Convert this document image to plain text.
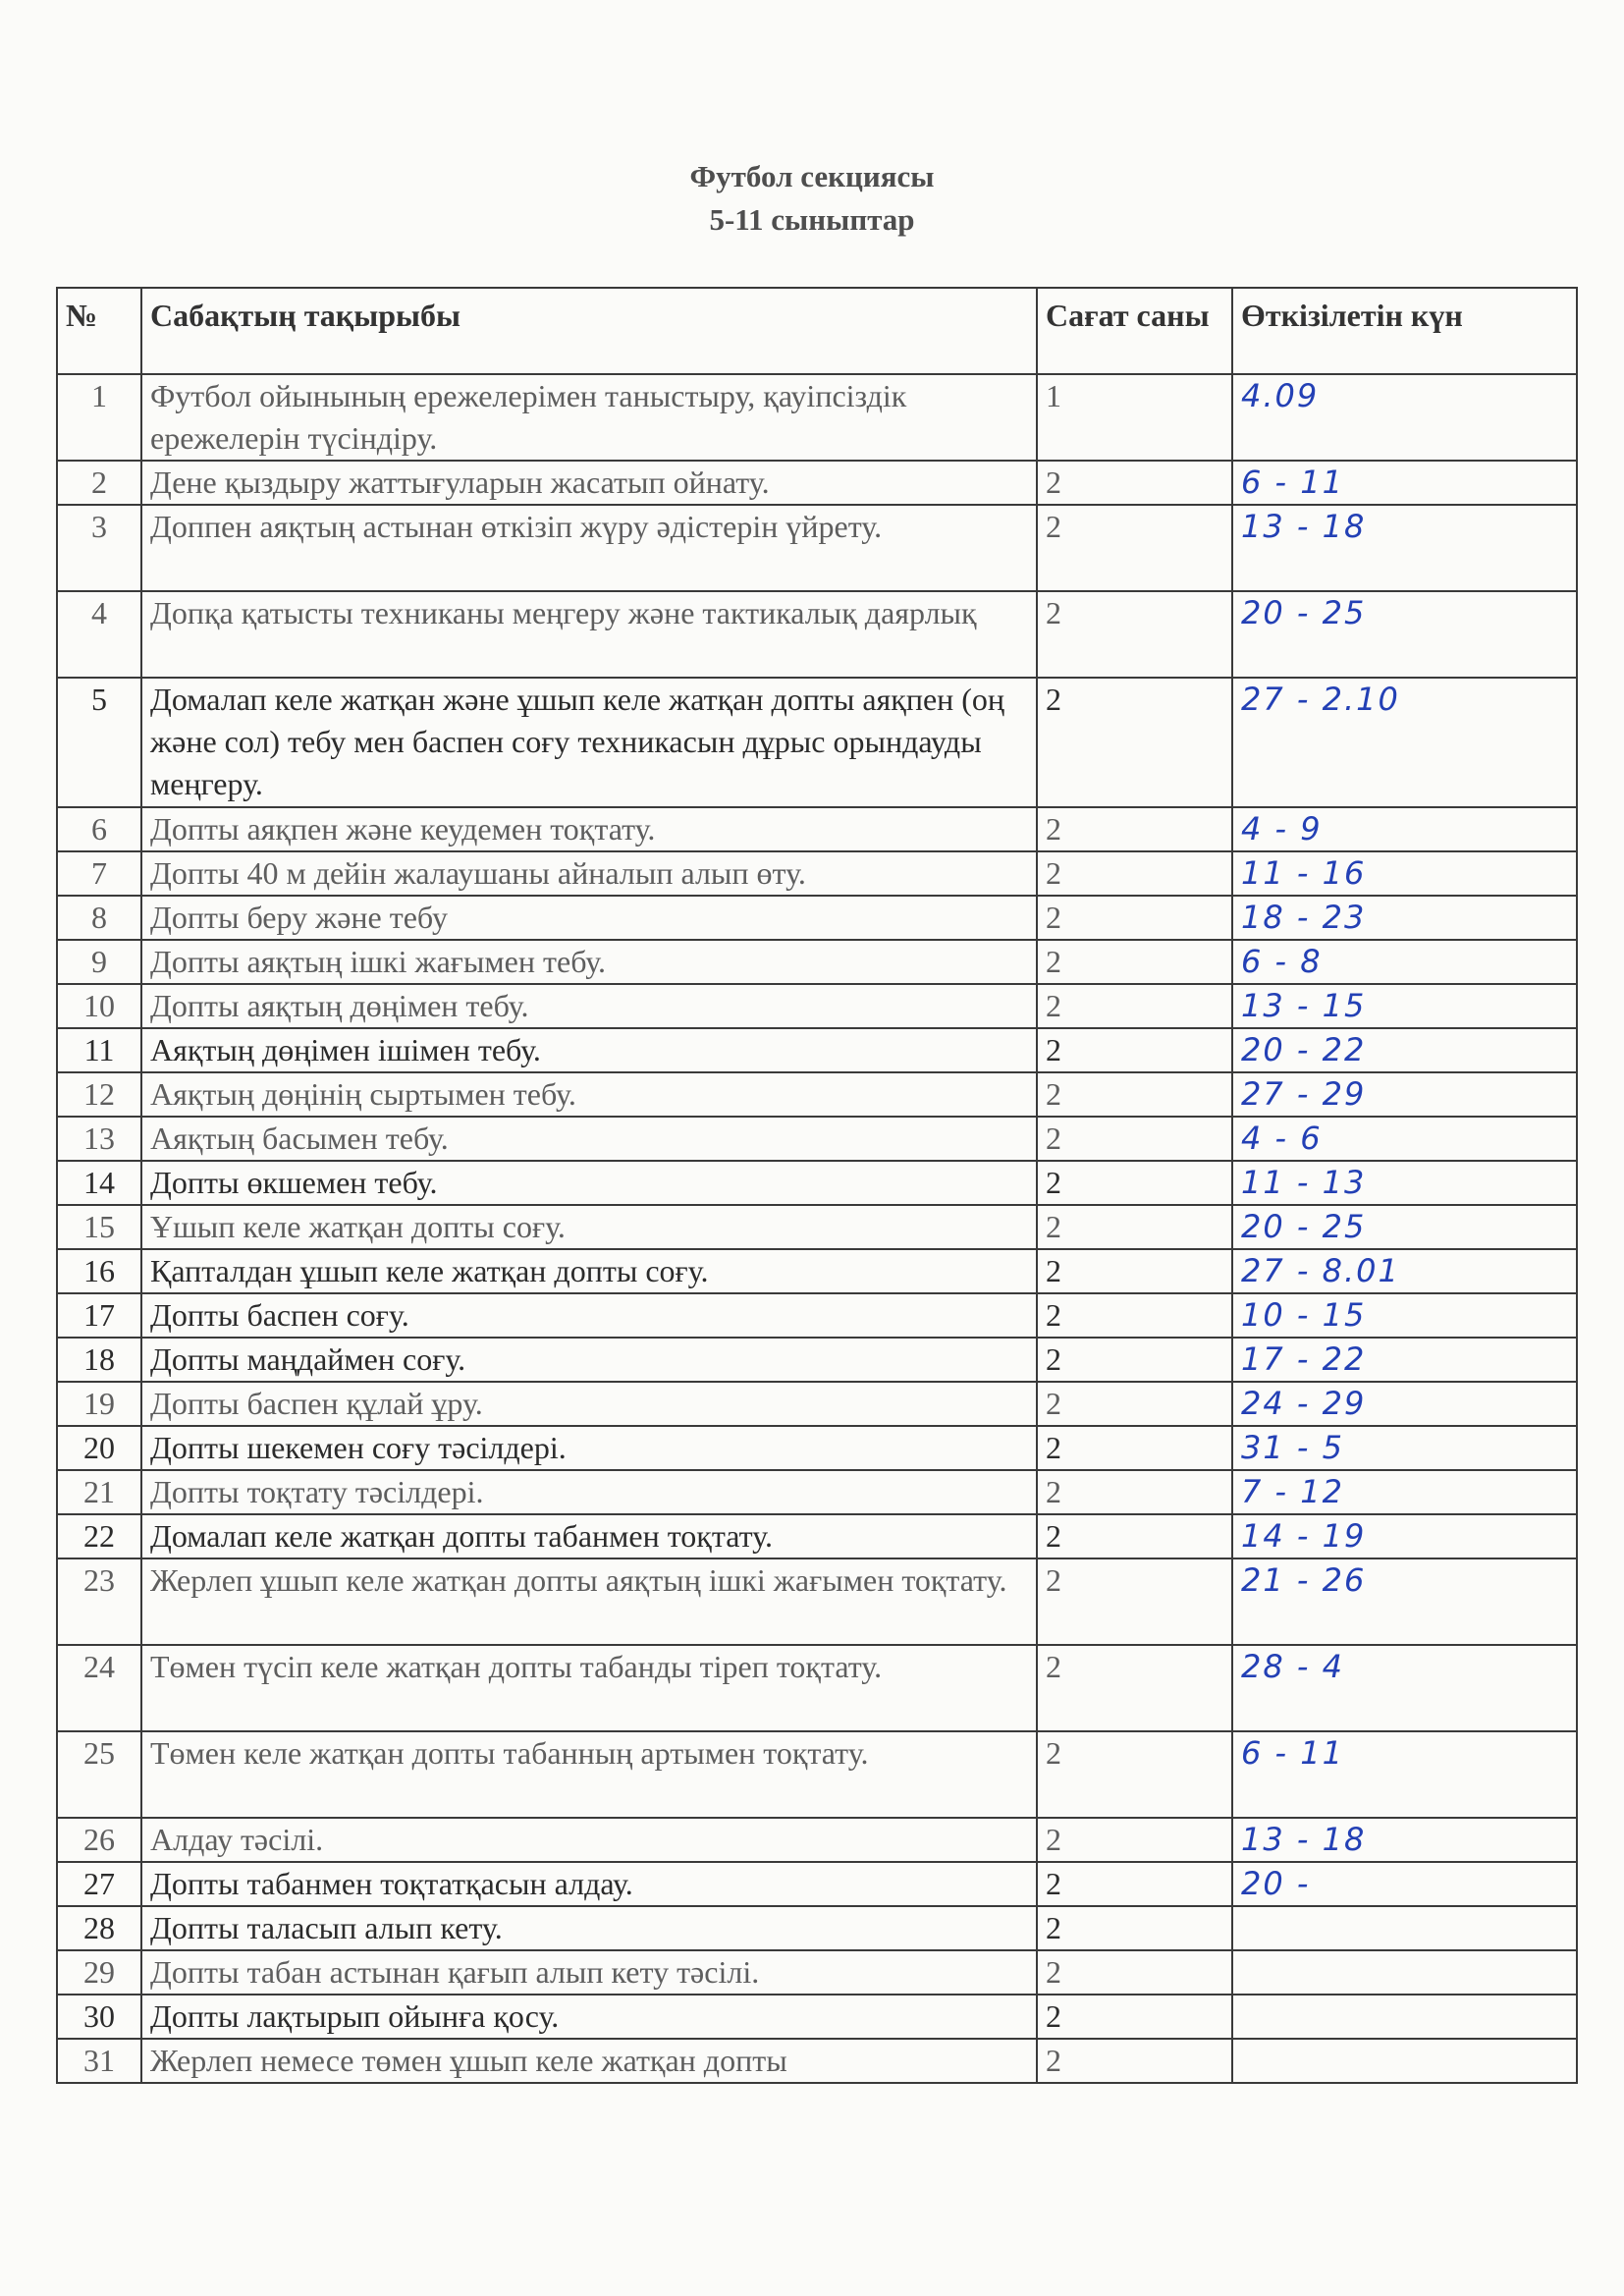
Футбол секциясы
5-11 сыныптар
№	Сабақтың тақырыбы	Сағат саны	Өткізілетін күн
1	Футбол ойынының ережелерімен таныстыру, қауіпсіздік ережелерін түсіндіру.	1	4.09
2	Дене қыздыру жаттығуларын жасатып ойнату.	2	6 - 11
3	Доппен аяқтың астынан өткізіп жүру әдістерін үйрету.	2	13 - 18
4	Допқа қатысты техниканы меңгеру және тактикалық даярлық	2	20 - 25
5	Домалап келе жатқан және ұшып келе жатқан допты аяқпен (оң және сол) тебу мен баспен соғу техникасын дұрыс орындауды меңгеру.	2	27 - 2.10
6	Допты аяқпен және кеудемен тоқтату.	2	4 - 9
7	Допты 40 м дейін жалаушаны айналып алып өту.	2	11 - 16
8	Допты беру және тебу	2	18 - 23
9	Допты аяқтың ішкі жағымен тебу.	2	6 - 8
10	Допты аяқтың дөңімен тебу.	2	13 - 15
11	Аяқтың дөңімен ішімен тебу.	2	20 - 22
12	Аяқтың дөңінің сыртымен тебу.	2	27 - 29
13	Аяқтың басымен тебу.	2	4 - 6
14	Допты өкшемен тебу.	2	11 - 13
15	Ұшып келе жатқан допты соғу.	2	20 - 25
16	Қапталдан ұшып келе жатқан допты соғу.	2	27 - 8.01
17	Допты баспен соғу.	2	10 - 15
18	Допты маңдаймен соғу.	2	17 - 22
19	Допты баспен құлай ұру.	2	24 - 29
20	Допты шекемен соғу тәсілдері.	2	31 - 5
21	Допты тоқтату тәсілдері.	2	7 - 12
22	Домалап келе жатқан допты табанмен тоқтату.	2	14 - 19
23	Жерлеп ұшып келе жатқан допты аяқтың ішкі жағымен тоқтату.	2	21 - 26
24	Төмен түсіп келе жатқан допты табанды тіреп тоқтату.	2	28 - 4
25	Төмен келе жатқан допты табанның артымен тоқтату.	2	6 - 11
26	Алдау тәсілі.	2	13 - 18
27	Допты табанмен тоқтатқасын алдау.	2	20 -
28	Допты таласып алып кету.	2	
29	Допты табан астынан қағып алып кету тәсілі.	2	
30	Допты лақтырып ойынға қосу.	2	
31	Жерлеп немесе төмен ұшып келе жатқан допты	2	
